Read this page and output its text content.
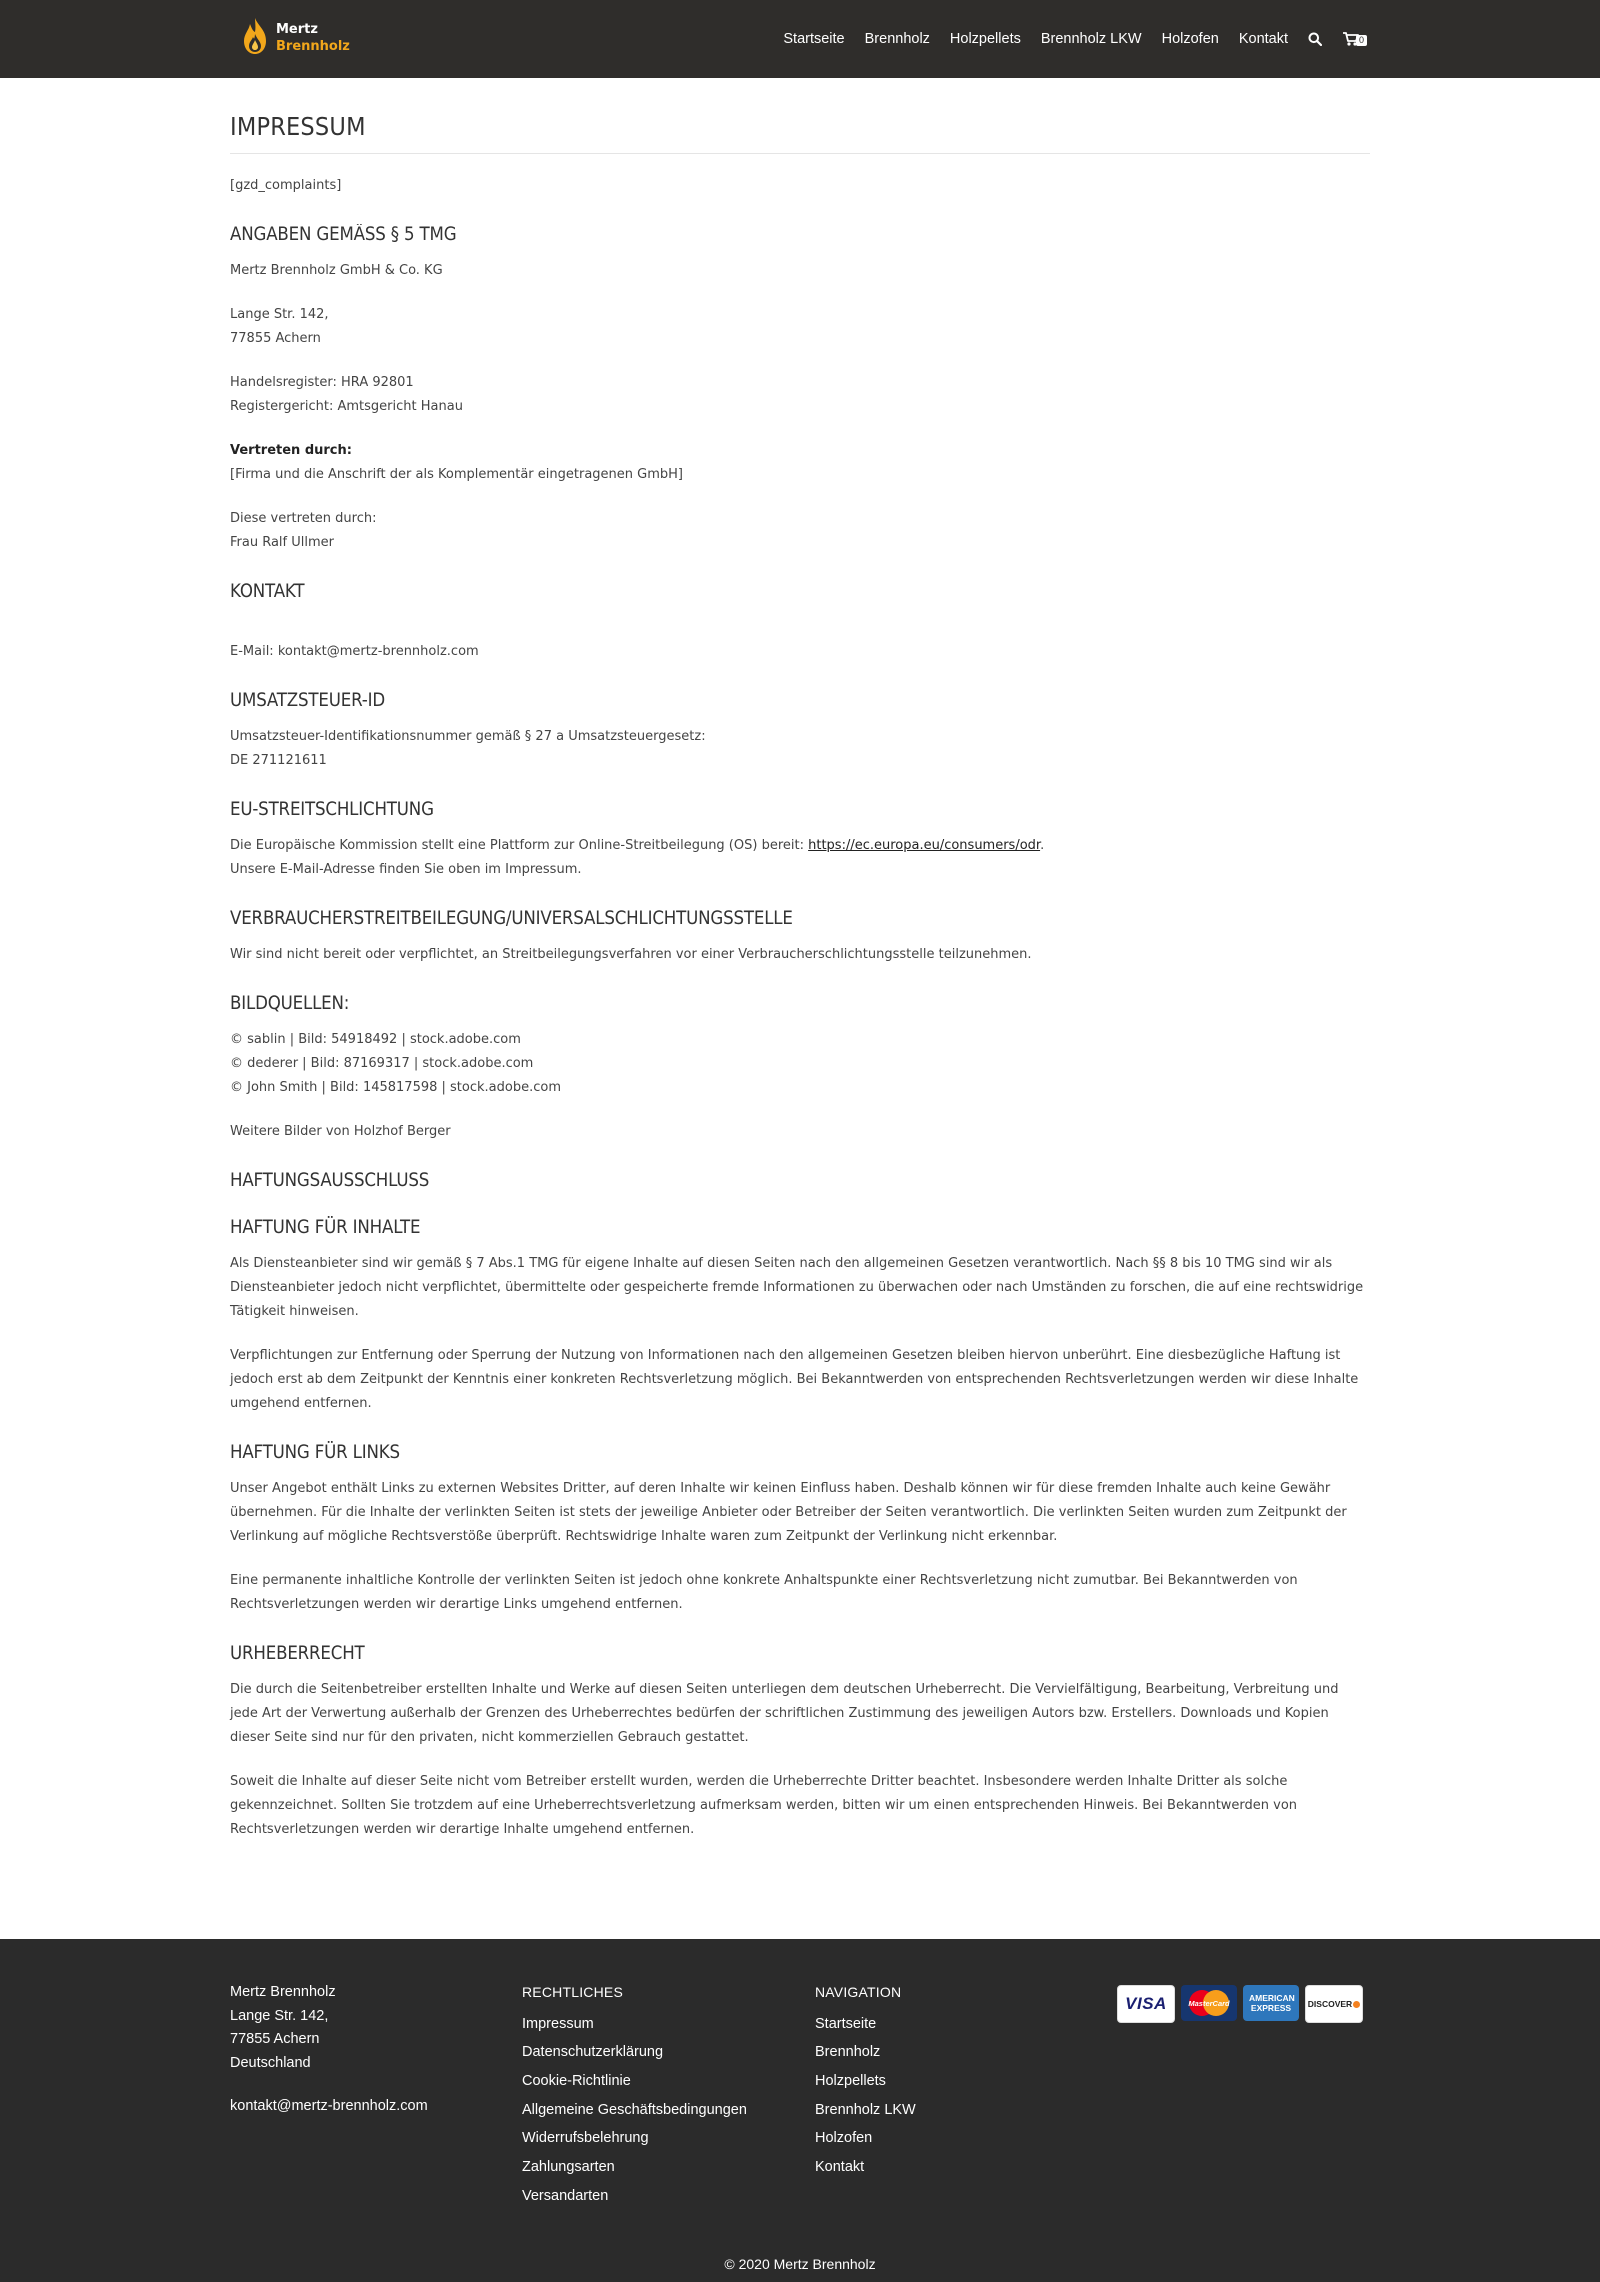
Mertz
Brennholz	Startseite Brennholz Holzpellets Brennholz LKW Holzofen Kontakt	0
IMPRESSUM

[gzd_complaints]

ANGABEN GEMÄSS § 5 TMG

Mertz Brennholz GmbH & Co. KG

Lange Str. 142,
77855 Achern

Handelsregister: HRA 92801
Registergericht: Amtsgericht Hanau

Vertreten durch:
[Firma und die Anschrift der als Komplementär eingetragenen GmbH]

Diese vertreten durch:
Frau Ralf Ullmer

KONTAKT

E-Mail: kontakt@mertz-brennholz.com

UMSATZSTEUER-ID

Umsatzsteuer-Identifikationsnummer gemäß § 27 a Umsatzsteuergesetz:
DE 271121611

EU-STREITSCHLICHTUNG

Die Europäische Kommission stellt eine Plattform zur Online-Streitbeilegung (OS) bereit: https://ec.europa.eu/consumers/odr.
Unsere E-Mail-Adresse finden Sie oben im Impressum.

VERBRAUCHERSTREITBEILEGUNG/UNIVERSALSCHLICHTUNGSSTELLE

Wir sind nicht bereit oder verpflichtet, an Streitbeilegungsverfahren vor einer Verbraucherschlichtungsstelle teilzunehmen.

BILDQUELLEN:

© sablin | Bild: 54918492 | stock.adobe.com
© dederer | Bild: 87169317 | stock.adobe.com
© John Smith | Bild: 145817598 | stock.adobe.com

Weitere Bilder von Holzhof Berger

HAFTUNGSAUSSCHLUSS
HAFTUNG FÜR INHALTE

Als Diensteanbieter sind wir gemäß § 7 Abs.1 TMG für eigene Inhalte auf diesen Seiten nach den allgemeinen Gesetzen verantwortlich. Nach §§ 8 bis 10 TMG sind wir als Diensteanbieter jedoch nicht verpflichtet, übermittelte oder gespeicherte fremde Informationen zu überwachen oder nach Umständen zu forschen, die auf eine rechtswidrige Tätigkeit hinweisen.

Verpflichtungen zur Entfernung oder Sperrung der Nutzung von Informationen nach den allgemeinen Gesetzen bleiben hiervon unberührt. Eine diesbezügliche Haftung ist jedoch erst ab dem Zeitpunkt der Kenntnis einer konkreten Rechtsverletzung möglich. Bei Bekanntwerden von entsprechenden Rechtsverletzungen werden wir diese Inhalte umgehend entfernen.

HAFTUNG FÜR LINKS

Unser Angebot enthält Links zu externen Websites Dritter, auf deren Inhalte wir keinen Einfluss haben. Deshalb können wir für diese fremden Inhalte auch keine Gewähr übernehmen. Für die Inhalte der verlinkten Seiten ist stets der jeweilige Anbieter oder Betreiber der Seiten verantwortlich. Die verlinkten Seiten wurden zum Zeitpunkt der Verlinkung auf mögliche Rechtsverstöße überprüft. Rechtswidrige Inhalte waren zum Zeitpunkt der Verlinkung nicht erkennbar.

Eine permanente inhaltliche Kontrolle der verlinkten Seiten ist jedoch ohne konkrete Anhaltspunkte einer Rechtsverletzung nicht zumutbar. Bei Bekanntwerden von Rechtsverletzungen werden wir derartige Links umgehend entfernen.

URHEBERRECHT

Die durch die Seitenbetreiber erstellten Inhalte und Werke auf diesen Seiten unterliegen dem deutschen Urheberrecht. Die Vervielfältigung, Bearbeitung, Verbreitung und jede Art der Verwertung außerhalb der Grenzen des Urheberrechtes bedürfen der schriftlichen Zustimmung des jeweiligen Autors bzw. Erstellers. Downloads und Kopien dieser Seite sind nur für den privaten, nicht kommerziellen Gebrauch gestattet.

Soweit die Inhalte auf dieser Seite nicht vom Betreiber erstellt wurden, werden die Urheberrechte Dritter beachtet. Insbesondere werden Inhalte Dritter als solche gekennzeichnet. Sollten Sie trotzdem auf eine Urheberrechtsverletzung aufmerksam werden, bitten wir um einen entsprechenden Hinweis. Bei Bekanntwerden von Rechtsverletzungen werden wir derartige Inhalte umgehend entfernen.

Mertz Brennholz
Lange Str. 142,
77855 Achern
Deutschland
kontakt@mertz-brennholz.com
RECHTLICHES
Impressum
Datenschutzerklärung
Cookie-Richtlinie
Allgemeine Geschäftsbedingungen
Widerrufsbelehrung
Zahlungsarten
Versandarten
NAVIGATION
Startseite
Brennholz
Holzpellets
Brennholz LKW
Holzofen
Kontakt
VISA	MasterCard AMERICAN EXPRESS DISCOVER
© 2020 Mertz Brennholz
